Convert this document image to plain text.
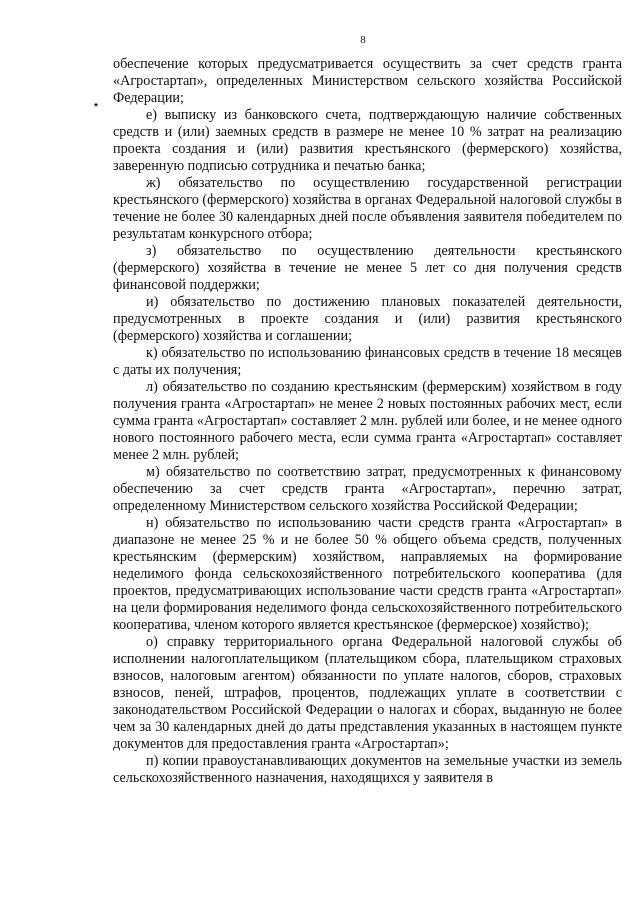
8
٭

обеспечение которых предусматривается осуществить за счет средств гранта «Агростартап», определенных Министерством сельского хозяйства Российской Федерации;

е) выписку из банковского счета, подтверждающую наличие собственных средств и (или) заемных средств в размере не менее 10 % затрат на реализацию проекта создания и (или) развития крестьянского (фермерского) хозяйства, заверенную подписью сотрудника и печатью банка;

ж) обязательство по осуществлению государственной регистрации крестьянского (фермерского) хозяйства в органах Федеральной налоговой службы в течение не более 30 календарных дней после объявления заявителя победителем по результатам конкурсного отбора;

з) обязательство по осуществлению деятельности крестьянского (фермерского) хозяйства в течение не менее 5 лет со дня получения средств финансовой поддержки;

и) обязательство по достижению плановых показателей деятельности, предусмотренных в проекте создания и (или) развития крестьянского (фермерского) хозяйства и соглашении;

к) обязательство по использованию финансовых средств в течение 18 месяцев с даты их получения;

л) обязательство по созданию крестьянским (фермерским) хозяйством в году получения гранта «Агростартап» не менее 2 новых постоянных рабочих мест, если сумма гранта «Агростартап» составляет 2 млн. рублей или более, и не менее одного нового постоянного рабочего места, если сумма гранта «Агростартап» составляет менее 2 млн. рублей;

м) обязательство по соответствию затрат, предусмотренных к финансовому обеспечению за счет средств гранта «Агростартап», перечню затрат, определенному Министерством сельского хозяйства Российской Федерации;

н) обязательство по использованию части средств гранта «Агростартап» в диапазоне не менее 25 % и не более 50 % общего объема средств, полученных крестьянским (фермерским) хозяйством, направляемых на формирование неделимого фонда сельскохозяйственного потребительского кооператива (для проектов, предусматривающих использование части средств гранта «Агростартап» на цели формирования неделимого фонда сельскохозяйственного потребительского кооператива, членом которого является крестьянское (фермерское) хозяйство);

о) справку территориального органа Федеральной налоговой службы об исполнении налогоплательщиком (плательщиком сбора, плательщиком страховых взносов, налоговым агентом) обязанности по уплате налогов, сборов, страховых взносов, пеней, штрафов, процентов, подлежащих уплате в соответствии с законодательством Российской Федерации о налогах и сборах, выданную не более чем за 30 календарных дней до даты представления указанных в настоящем пункте документов для предоставления гранта «Агростартап»;

п) копии правоустанавливающих документов на земельные участки из земель сельскохозяйственного назначения, находящихся у заявителя в
